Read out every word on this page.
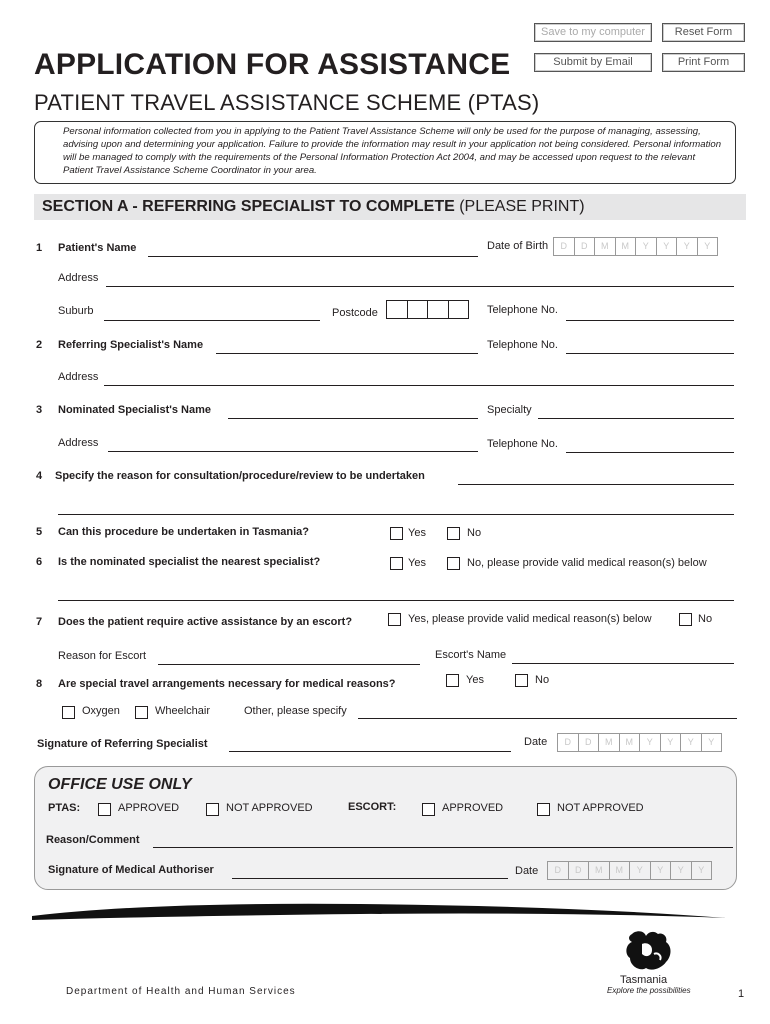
Save to my computer	Reset Form
Submit by Email	Print Form
APPLICATION FOR ASSISTANCE
PATIENT TRAVEL ASSISTANCE SCHEME (PTAS)
Personal information collected from you in applying to the Patient Travel Assistance Scheme will only be used for the purpose of managing, assessing, advising upon and determining your application. Failure to provide the information may result in your application not being considered. Personal information will be managed to comply with the requirements of the Personal Information Protection Act 2004, and may be accessed upon request to the relevant Patient Travel Assistance Scheme Coordinator in your area.
SECTION A - REFERRING SPECIALIST TO COMPLETE (PLEASE PRINT)
1 Patient's Name	Date of Birth	D	D	M	M	Y	Y	Y	Y
Address
Suburb	Postcode	Telephone No.
2 Referring Specialist's Name	Telephone No.
Address
3 Nominated Specialist's Name	Specialty
Address	Telephone No.
4 Specify the reason for consultation/procedure/review to be undertaken
5 Can this procedure be undertaken in Tasmania?	Yes	No
6 Is the nominated specialist the nearest specialist?	Yes	No, please provide valid medical reason(s) below
7 Does the patient require active assistance by an escort?	Yes, please provide valid medical reason(s) below	No
Reason for Escort	Escort's Name
8 Are special travel arrangements necessary for medical reasons?	Yes	No
Oxygen	Wheelchair	Other, please specify
Signature of Referring Specialist	Date	D	D	M	M	Y	Y	Y	Y
OFFICE USE ONLY
PTAS:	APPROVED	NOT APPROVED	ESCORT:	APPROVED	NOT APPROVED
Reason/Comment
Signature of Medical Authoriser	Date	D	D	M	M	Y	Y	Y	Y
Department of Health and Human Services
Tasmania
Explore the possibilities	1
